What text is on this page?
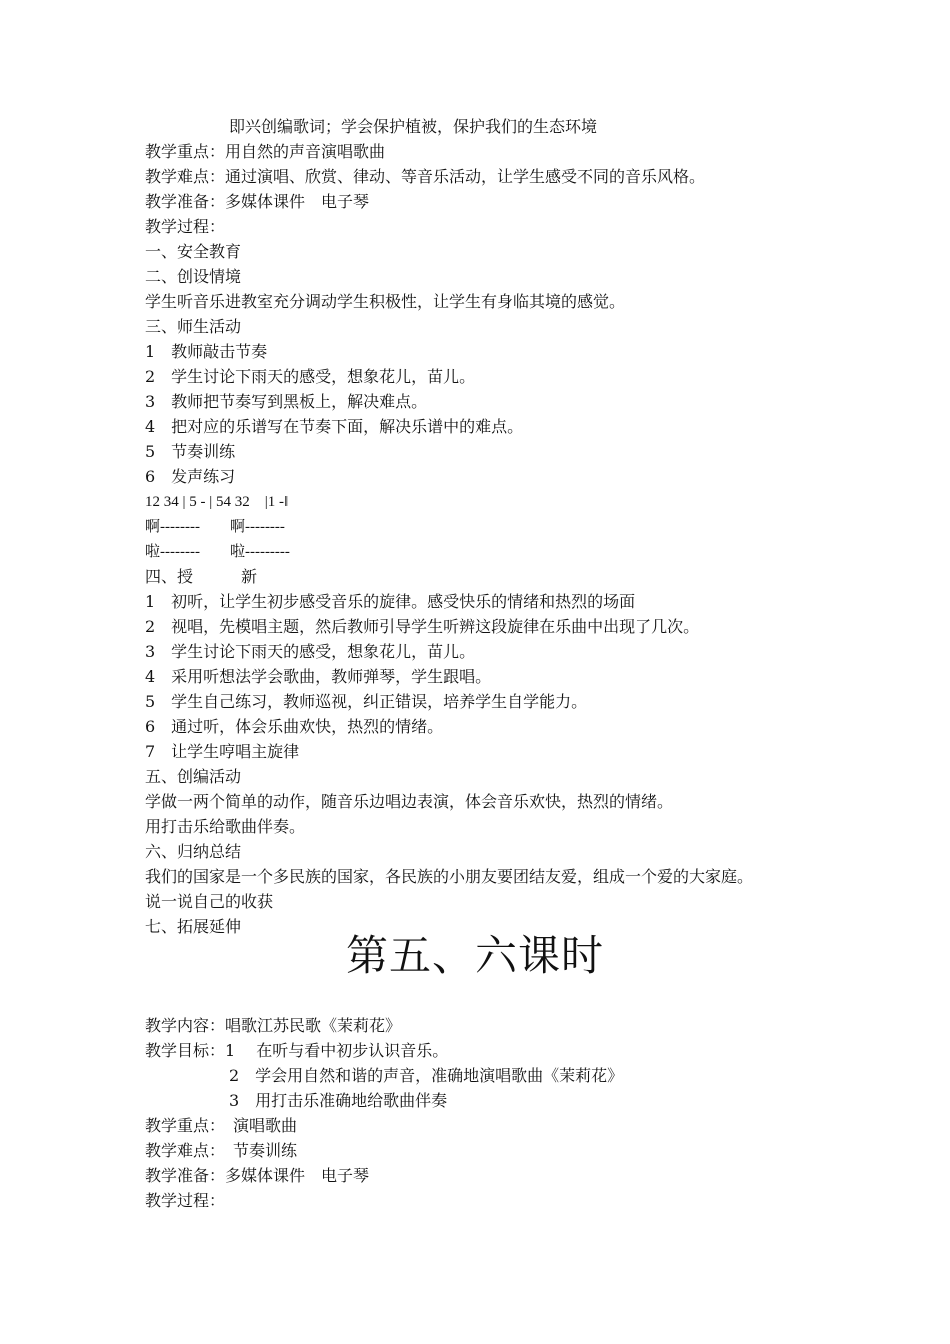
即兴创编歌词；学会保护植被，保护我们的生态环境
教学重点：用自然的声音演唱歌曲
教学难点：通过演唱、欣赏、律动、等音乐活动，让学生感受不同的音乐风格。
教学准备：多媒体课件　电子琴
教学过程：
一、安全教育
二、创设情境
学生听音乐进教室充分调动学生积极性，让学生有身临其境的感觉。
三、师生活动
1　教师敲击节奏
2　学生讨论下雨天的感受，想象花儿，苗儿。
3　教师把节奏写到黑板上，解决难点。
4　把对应的乐谱写在节奏下面，解决乐谱中的难点。
5　节奏训练
6　发声练习
12 34 | 5 - | 54 32　|1 -‖
啊--------　　啊--------
啦--------　　啦---------
四、授　　　新
1　初听，让学生初步感受音乐的旋律。感受快乐的情绪和热烈的场面
2　视唱，先模唱主题，然后教师引导学生听辨这段旋律在乐曲中出现了几次。
3　学生讨论下雨天的感受，想象花儿，苗儿。
4　采用听想法学会歌曲，教师弹琴，学生跟唱。
5　学生自己练习，教师巡视，纠正错误，培养学生自学能力。
6　通过听，体会乐曲欢快，热烈的情绪。
7　让学生哼唱主旋律
五、创编活动
学做一两个简单的动作，随音乐边唱边表演，体会音乐欢快，热烈的情绪。
用打击乐给歌曲伴奏。
六、归纳总结
我们的国家是一个多民族的国家，各民族的小朋友要团结友爱，组成一个爱的大家庭。
说一说自己的收获
七、拓展延伸
第五、六课时
教学内容：唱歌江苏民歌《茉莉花》
教学目标：1　 在听与看中初步认识音乐。
2　学会用自然和谐的声音，准确地演唱歌曲《茉莉花》
3　用打击乐准确地给歌曲伴奏
教学重点：　演唱歌曲
教学难点：　节奏训练
教学准备：多媒体课件　电子琴
教学过程：
